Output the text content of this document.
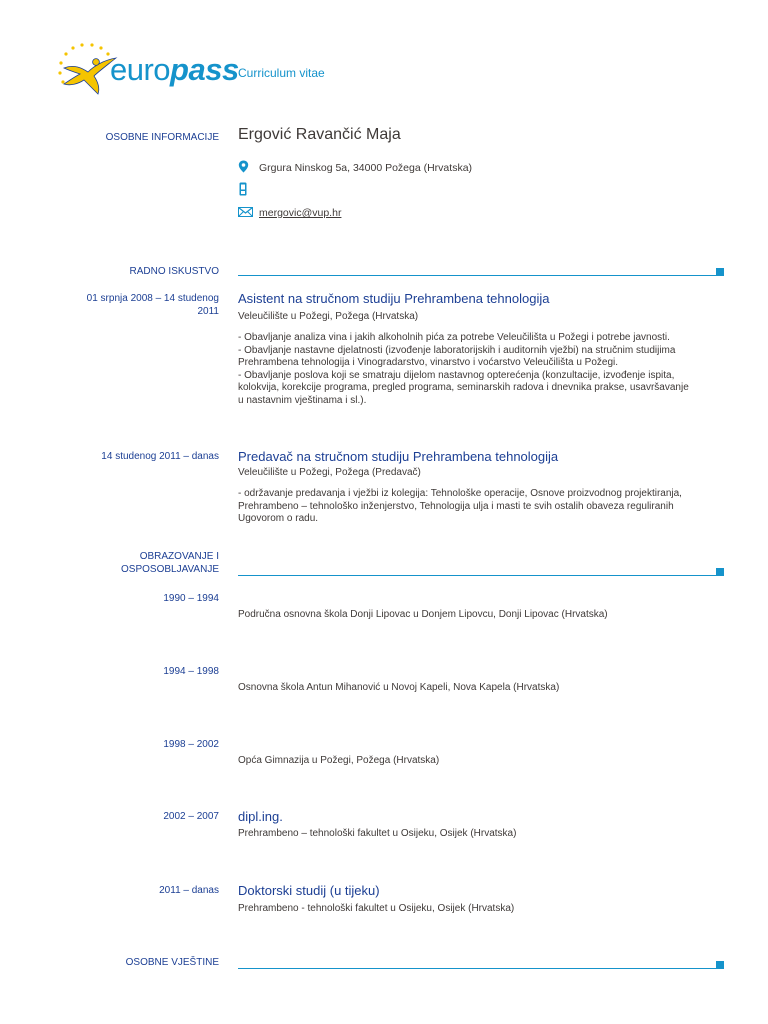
europass Curriculum vitae
OSOBNE INFORMACIJE Ergović Ravančić Maja
Grgura Ninskog 5a, 34000 Požega (Hrvatska)
mergovic@vup.hr
RADNO ISKUSTVO
01 srpnja 2008 – 14 studenog
2011
Asistent na stručnom studiju Prehrambena tehnologija
Veleučilište u Požegi, Požega (Hrvatska)
- Obavljanje analiza vina i jakih alkoholnih pića za potrebe Veleučilišta u Požegi i potrebe javnosti.
- Obavljanje nastavne djelatnosti (izvođenje laboratorijskih i auditornih vježbi) na stručnim studijima
Prehrambena tehnologija i Vinogradarstvo, vinarstvo i voćarstvo Veleučilišta u Požegi.
- Obavljanje poslova koji se smatraju dijelom nastavnog opterećenja (konzultacije, izvođenje ispita,
kolokvija, korekcije programa, pregled programa, seminarskih radova i dnevnika prakse, usavršavanje
u nastavnim vještinama i sl.).
14 studenog 2011 – danas Predavač na stručnom studiju Prehrambena tehnologija
Veleučilište u Požegi, Požega (Predavač)
- održavanje predavanja i vježbi iz kolegija: Tehnološke operacije, Osnove proizvodnog projektiranja,
Prehrambeno – tehnološko inženjerstvo, Tehnologija ulja i masti te svih ostalih obaveza reguliranih
Ugovorom o radu.
OBRAZOVANJE I
OSPOSOBLJAVANJE
1990 – 1994
Područna osnovna škola Donji Lipovac u Donjem Lipovcu, Donji Lipovac (Hrvatska)
1994 – 1998
Osnovna škola Antun Mihanović u Novoj Kapeli, Nova Kapela (Hrvatska)
1998 – 2002
Opća Gimnazija u Požegi, Požega (Hrvatska)
2002 – 2007 dipl.ing.
Prehrambeno – tehnološki fakultet u Osijeku, Osijek (Hrvatska)
2011 – danas Doktorski studij (u tijeku)
Prehrambeno - tehnološki fakultet u Osijeku, Osijek (Hrvatska)
OSOBNE VJEŠTINE
